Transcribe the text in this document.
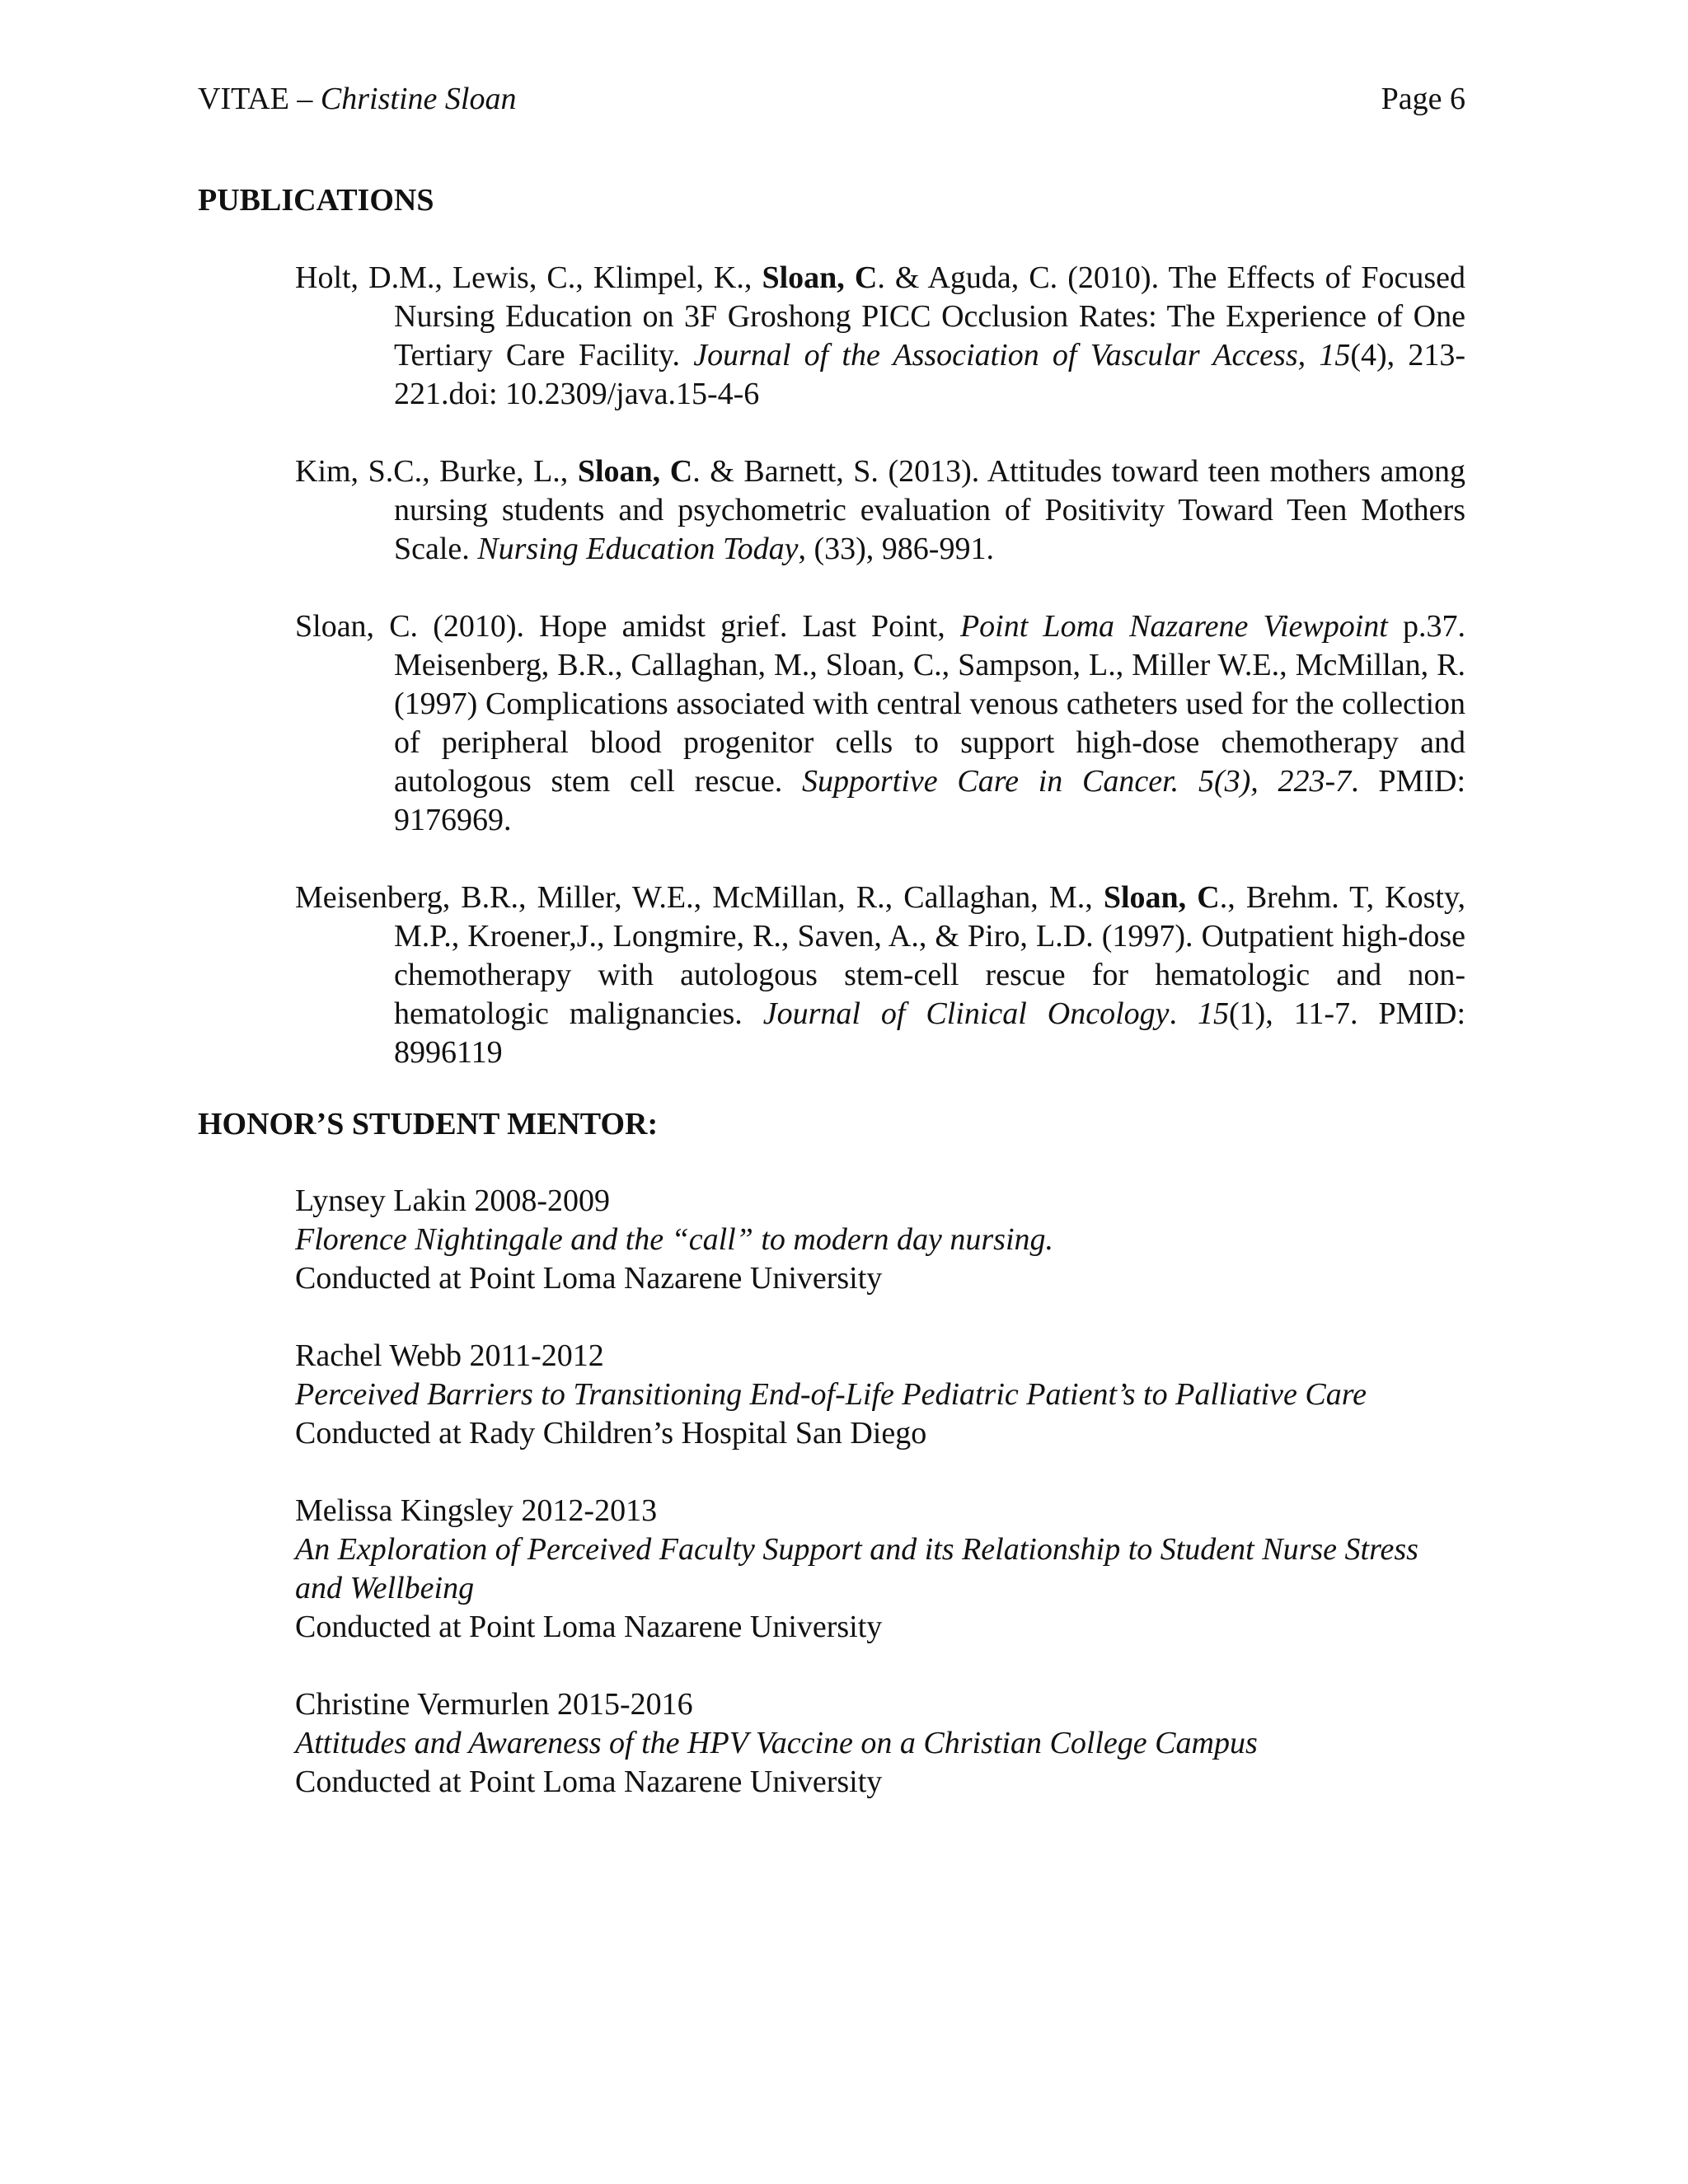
VITAE – Christine Sloan	Page 6
PUBLICATIONS
Holt, D.M., Lewis, C., Klimpel, K., Sloan, C. & Aguda, C. (2010). The Effects of Focused Nursing Education on 3F Groshong PICC Occlusion Rates: The Experience of One Tertiary Care Facility. Journal of the Association of Vascular Access, 15(4), 213-221.doi: 10.2309/java.15-4-6
Kim, S.C., Burke, L., Sloan, C. & Barnett, S. (2013). Attitudes toward teen mothers among nursing students and psychometric evaluation of Positivity Toward Teen Mothers Scale. Nursing Education Today, (33), 986-991.
Sloan, C. (2010). Hope amidst grief. Last Point, Point Loma Nazarene Viewpoint p.37. Meisenberg, B.R., Callaghan, M., Sloan, C., Sampson, L., Miller W.E., McMillan, R. (1997) Complications associated with central venous catheters used for the collection of peripheral blood progenitor cells to support high-dose chemotherapy and autologous stem cell rescue. Supportive Care in Cancer. 5(3), 223-7. PMID: 9176969.
Meisenberg, B.R., Miller, W.E., McMillan, R., Callaghan, M., Sloan, C., Brehm. T, Kosty, M.P., Kroener,J., Longmire, R., Saven, A., & Piro, L.D. (1997). Outpatient high-dose chemotherapy with autologous stem-cell rescue for hematologic and non-hematologic malignancies. Journal of Clinical Oncology. 15(1), 11-7. PMID: 8996119
HONOR’S STUDENT MENTOR:
Lynsey Lakin 2008-2009
Florence Nightingale and the “call” to modern day nursing.
Conducted at Point Loma Nazarene University
Rachel Webb 2011-2012
Perceived Barriers to Transitioning End-of-Life Pediatric Patient’s to Palliative Care
Conducted at Rady Children’s Hospital San Diego
Melissa Kingsley 2012-2013
An Exploration of Perceived Faculty Support and its Relationship to Student Nurse Stress and Wellbeing
Conducted at Point Loma Nazarene University
Christine Vermurlen 2015-2016
Attitudes and Awareness of the HPV Vaccine on a Christian College Campus
Conducted at Point Loma Nazarene University
